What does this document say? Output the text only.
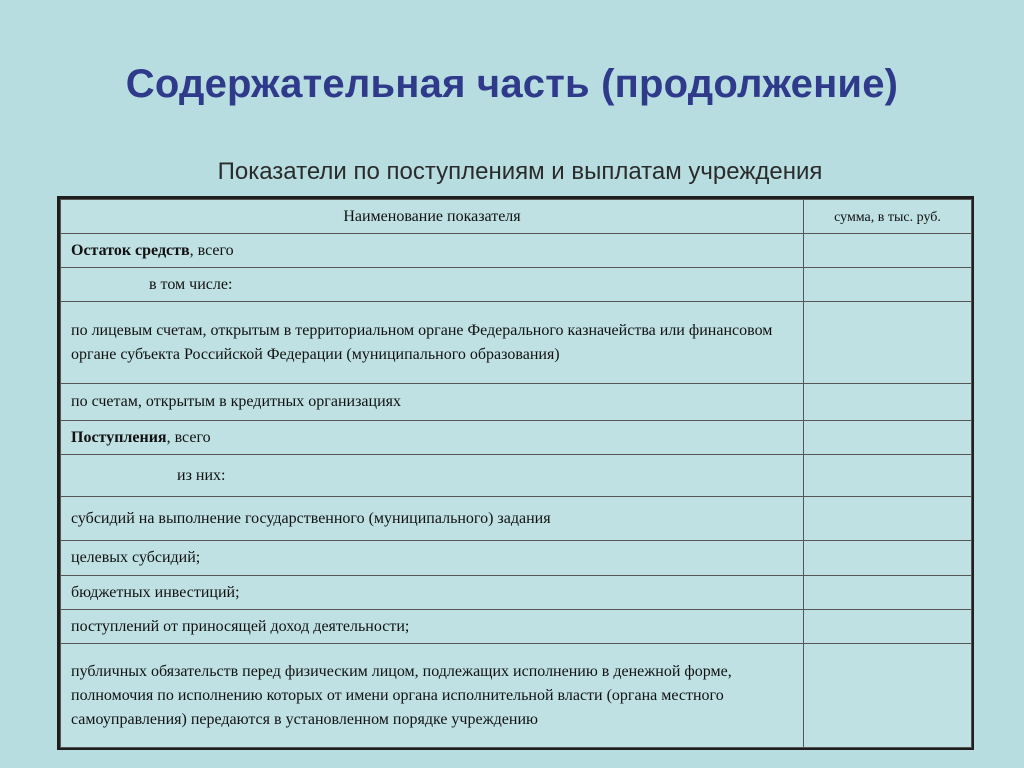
Содержательная часть (продолжение)
Показатели по поступлениям и выплатам учреждения
Наименование показателя	сумма, в тыс. руб.
Остаток средств, всего	
в том числе:	
по лицевым счетам, открытым в территориальном органе Федерального казначейства или финансовом органе субъекта Российской Федерации (муниципального образования)	
по счетам, открытым в кредитных организациях	
Поступления, всего	
из них:	
субсидий на выполнение государственного (муниципального) задания	
целевых субсидий;	
бюджетных инвестиций;	
поступлений от приносящей доход деятельности;	
публичных обязательств перед физическим лицом, подлежащих исполнению в денежной форме, полномочия по исполнению которых от имени органа исполнительной власти (органа местного самоуправления) передаются в установленном порядке учреждению	
